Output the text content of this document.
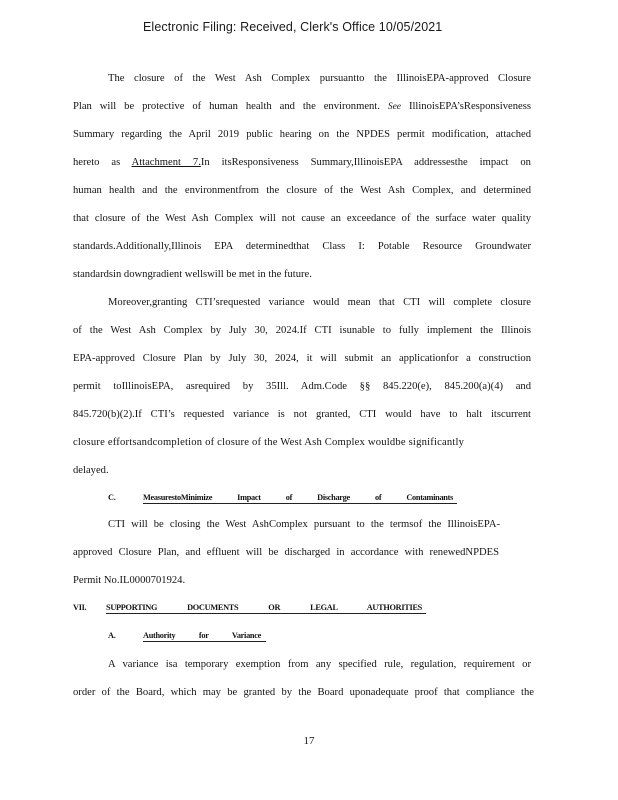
Electronic Filing: Received, Clerk's Office 10/05/2021
The closure of the West Ash Complex pursuantto the IllinoisEPA-approved Closure
Plan will be protective of human health and the environment. See IllinoisEPA’sResponsiveness
Summary regarding the April 2019 public hearing on the NPDES permit modification, attached
hereto as Attachment 7.In itsResponsiveness Summary,IllinoisEPA addressesthe impact on
human health and the environmentfrom the closure of the West Ash Complex, and determined
that closure of the West Ash Complex will not cause an exceedance of the surface water quality
standards.Additionally,Illinois EPA determinedthat Class I: Potable Resource Groundwater
standardsin downgradient wellswill be met in the future.
Moreover,granting CTI’srequested variance would mean that CTI will complete closure
of the West Ash Complex by July 30, 2024.If CTI isunable to fully implement the Illinois
EPA-approved Closure Plan by July 30, 2024, it will submit an applicationfor a construction
permit toIllinoisEPA, asrequired by 35Ill. Adm.Code §§ 845.220(e), 845.200(a)(4) and
845.720(b)(2).If CTI’s requested variance is not granted, CTI would have to halt itscurrent
closure effortsandcompletion of closure of the West Ash Complex wouldbe significantly
delayed.
C.	MeasurestoMinimize Impact of Discharge of Contaminants
CTI will be closing the West AshComplex pursuant to the termsof the IllinoisEPA-
approved Closure Plan, and effluent will be discharged in accordance with renewedNPDES
Permit No.IL0000701924.
VII. SUPPORTING DOCUMENTS OR LEGAL AUTHORITIES
A.	Authority for Variance
A variance isa temporary exemption from any specified rule, regulation, requirement or
order of the Board, which may be granted by the Board uponadequate proof that compliance the
17
